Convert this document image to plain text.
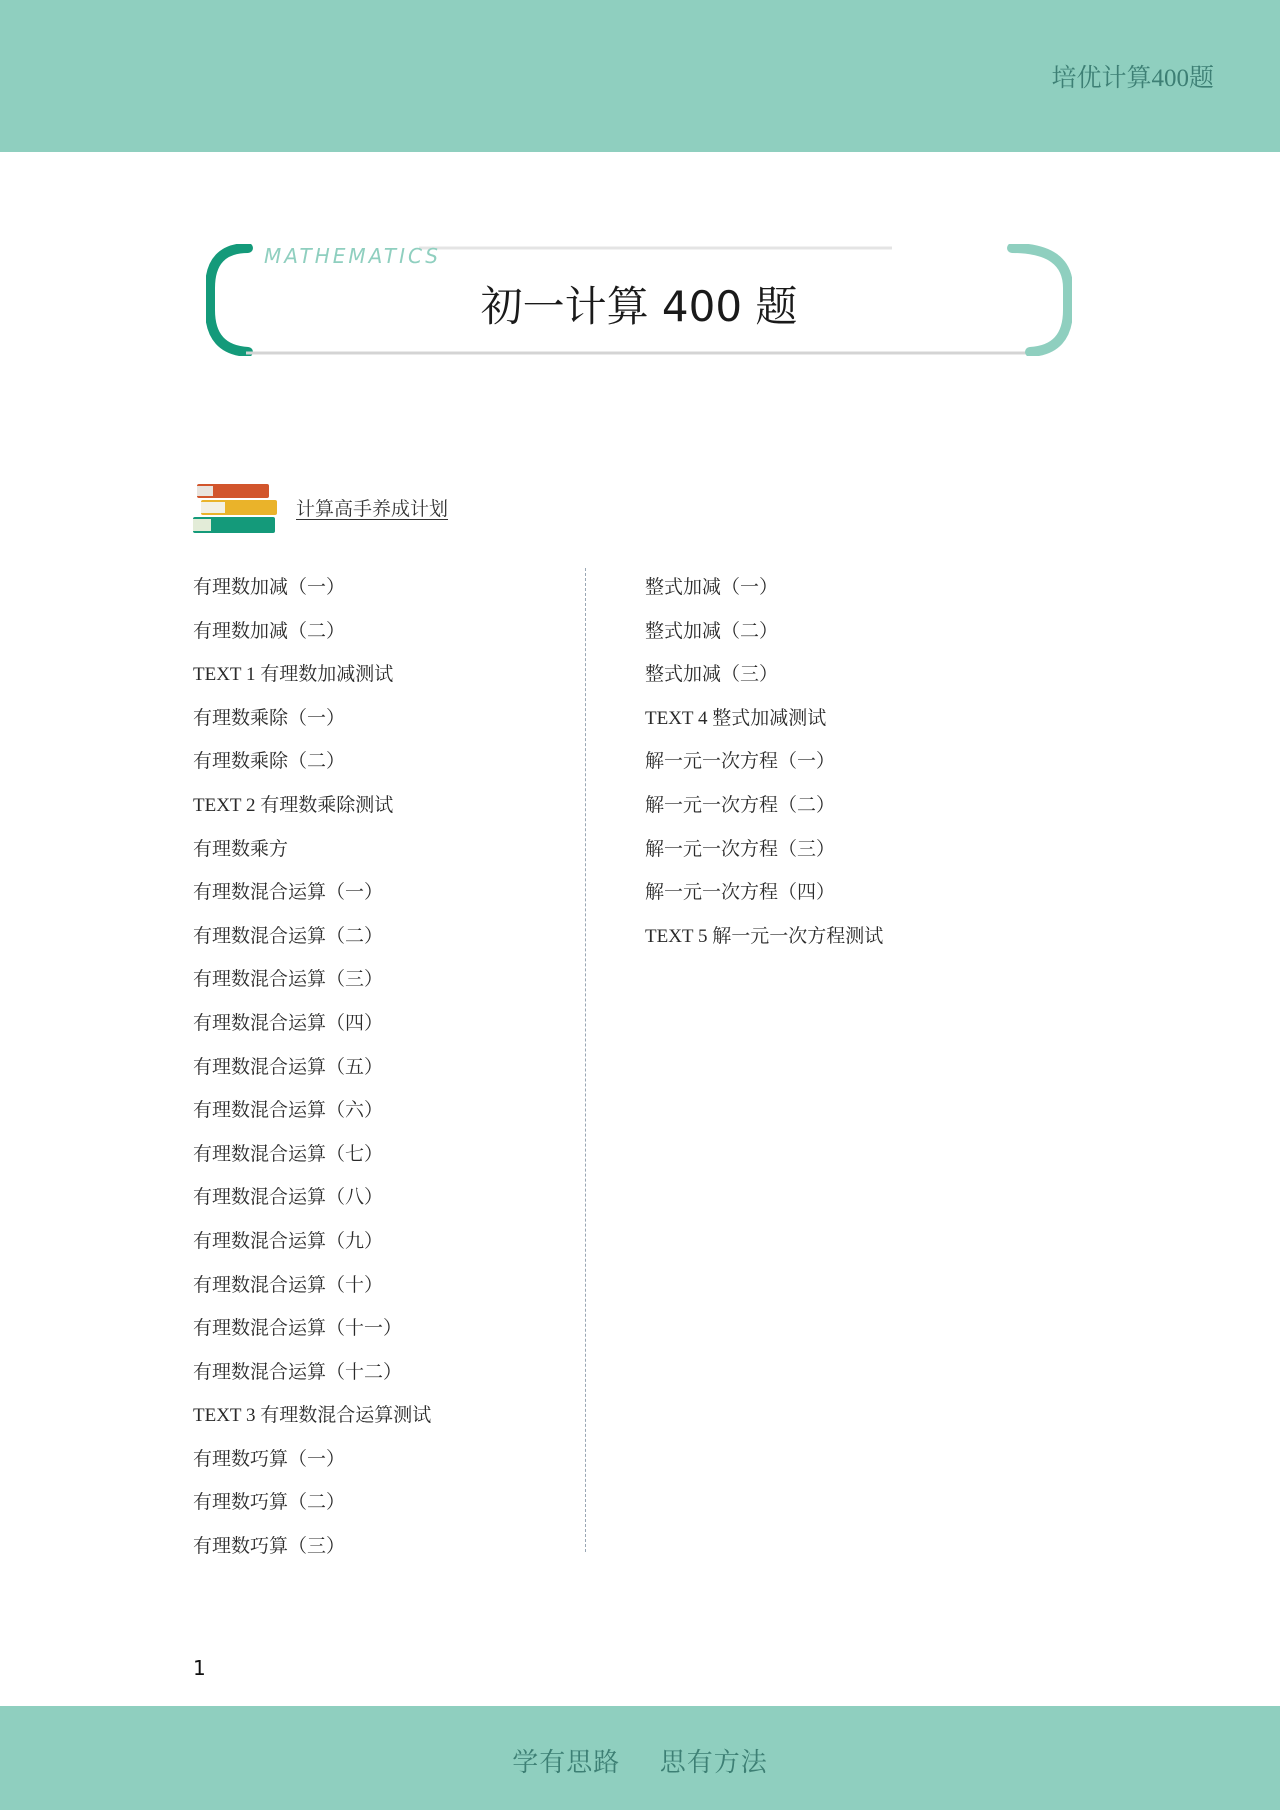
培优计算400题
MATHEMATICS
初一计算 400 题
计算高手养成计划
有理数加减（一）
有理数加减（二）
TEXT 1 有理数加减测试
有理数乘除（一）
有理数乘除（二）
TEXT 2 有理数乘除测试
有理数乘方
有理数混合运算（一）
有理数混合运算（二）
有理数混合运算（三）
有理数混合运算（四）
有理数混合运算（五）
有理数混合运算（六）
有理数混合运算（七）
有理数混合运算（八）
有理数混合运算（九）
有理数混合运算（十）
有理数混合运算（十一）
有理数混合运算（十二）
TEXT 3 有理数混合运算测试
有理数巧算（一）
有理数巧算（二）
有理数巧算（三）
整式加减（一）
整式加减（二）
整式加减（三）
TEXT 4 整式加减测试
解一元一次方程（一）
解一元一次方程（二）
解一元一次方程（三）
解一元一次方程（四）
TEXT 5 解一元一次方程测试
1
学有思路 思有方法
